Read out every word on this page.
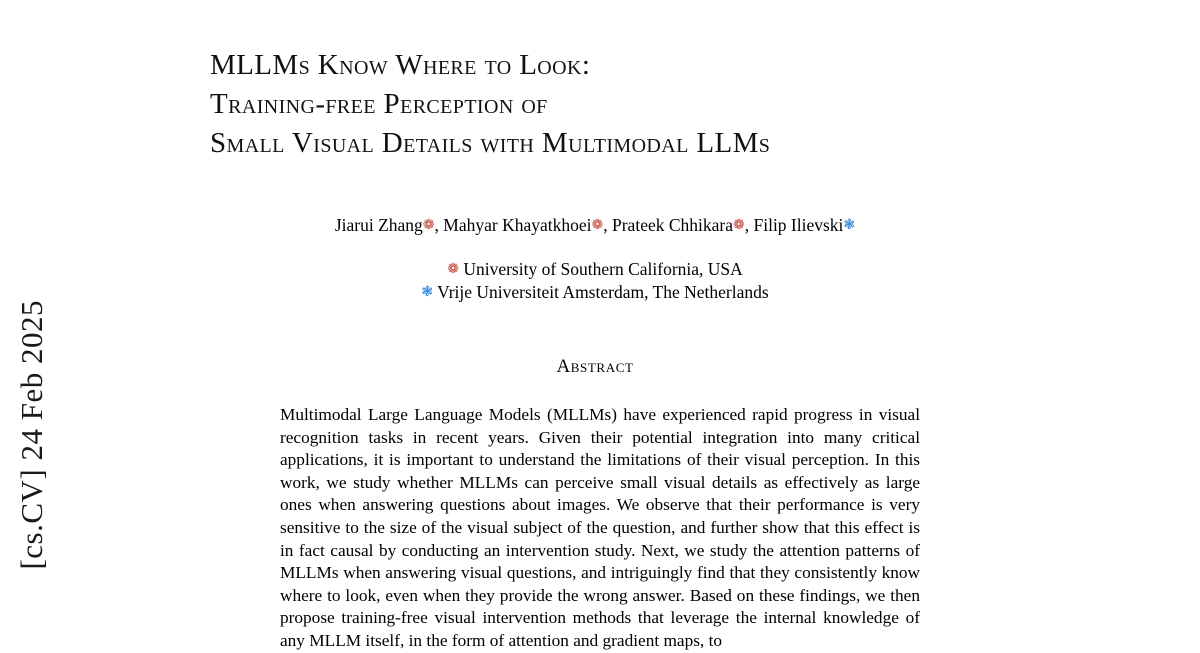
[cs.CV] 24 Feb 2025
MLLMs Know Where to Look:
Training-free Perception of
Small Visual Details with Multimodal LLMs
Jiarui Zhang❁, Mahyar Khayatkhoei❁, Prateek Chhikara❁, Filip Ilievski❃
❁ University of Southern California, USA
❃ Vrije Universiteit Amsterdam, The Netherlands
Abstract
Multimodal Large Language Models (MLLMs) have experienced rapid progress in visual recognition tasks in recent years. Given their potential integration into many critical applications, it is important to understand the limitations of their visual perception. In this work, we study whether MLLMs can perceive small visual details as effectively as large ones when answering questions about images. We observe that their performance is very sensitive to the size of the visual subject of the question, and further show that this effect is in fact causal by conducting an intervention study. Next, we study the attention patterns of MLLMs when answering visual questions, and intriguingly find that they consistently know where to look, even when they provide the wrong answer. Based on these findings, we then propose training-free visual intervention methods that leverage the internal knowledge of any MLLM itself, in the form of attention and gradient maps, to
